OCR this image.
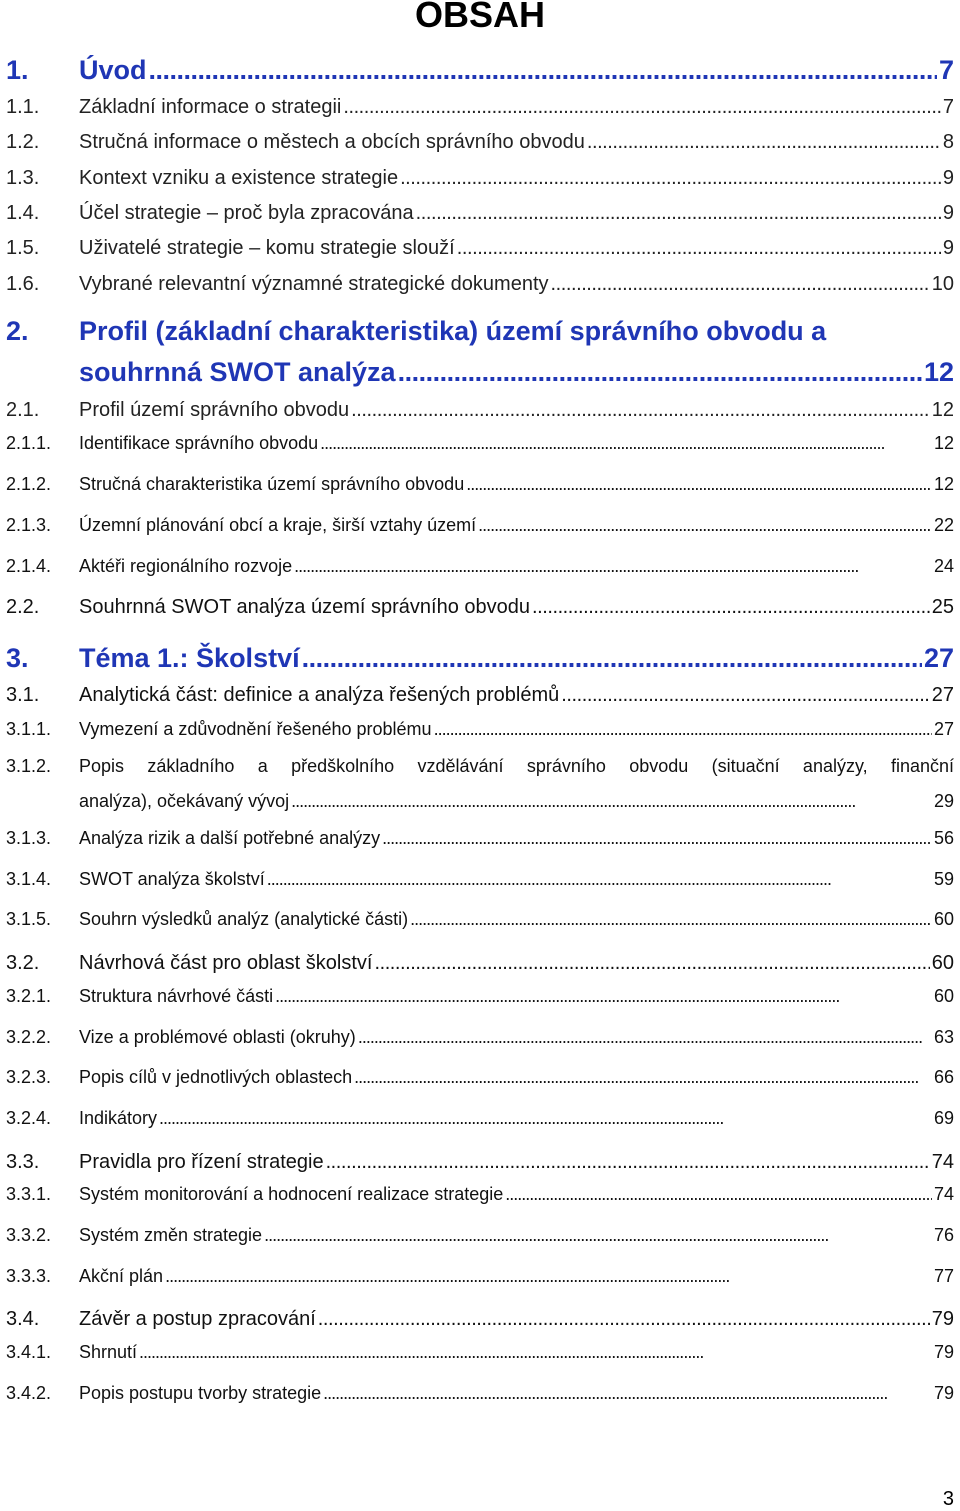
OBSAH
1. Úvod . . .	7
1.1. Základní informace o strategii . . .	7
1.2. Stručná informace o městech a obcích správního obvodu . . .	8
1.3. Kontext vzniku a existence strategie . . .	9
1.4. Účel strategie – proč byla zpracována . . .	9
1.5. Uživatelé strategie – komu strategie slouží . . .	9
1.6. Vybrané relevantní významné strategické dokumenty . . .	10
2. Profil (základní charakteristika) území správního obvodu a
souhrnná SWOT analýza . . .	12
2.1. Profil území správního obvodu . . .	12
2.1.1. Identifikace správního obvodu . . .	12
2.1.2. Stručná charakteristika území správního obvodu . . .	12
2.1.3. Územní plánování obcí a kraje, širší vztahy území . . .	22
2.1.4. Aktéři regionálního rozvoje . . .	24
2.2. Souhrnná SWOT analýza území správního obvodu . . .	25
3. Téma 1.: Školství . . .	27
3.1. Analytická část: definice a analýza řešených problémů . . .	27
3.1.1. Vymezení a zdůvodnění řešeného problému . . .	27
3.1.2. Popis základního a předškolního vzdělávání správního obvodu (situační analýzy, finanční
analýza), očekávaný vývoj . . .	29
3.1.3. Analýza rizik a další potřebné analýzy . . .	56
3.1.4. SWOT analýza školství . . .	59
3.1.5. Souhrn výsledků analýz (analytické části) . . .	60
3.2. Návrhová část pro oblast školství . . .	60
3.2.1. Struktura návrhové části . . .	60
3.2.2. Vize a problémové oblasti (okruhy) . . .	63
3.2.3. Popis cílů v jednotlivých oblastech . . .	66
3.2.4. Indikátory . . .	69
3.3. Pravidla pro řízení strategie . . .	74
3.3.1. Systém monitorování a hodnocení realizace strategie . . .	74
3.3.2. Systém změn strategie . . .	76
3.3.3. Akční plán . . .	77
3.4. Závěr a postup zpracování . . .	79
3.4.1. Shrnutí . . .	79
3.4.2. Popis postupu tvorby strategie . . .	79
3
